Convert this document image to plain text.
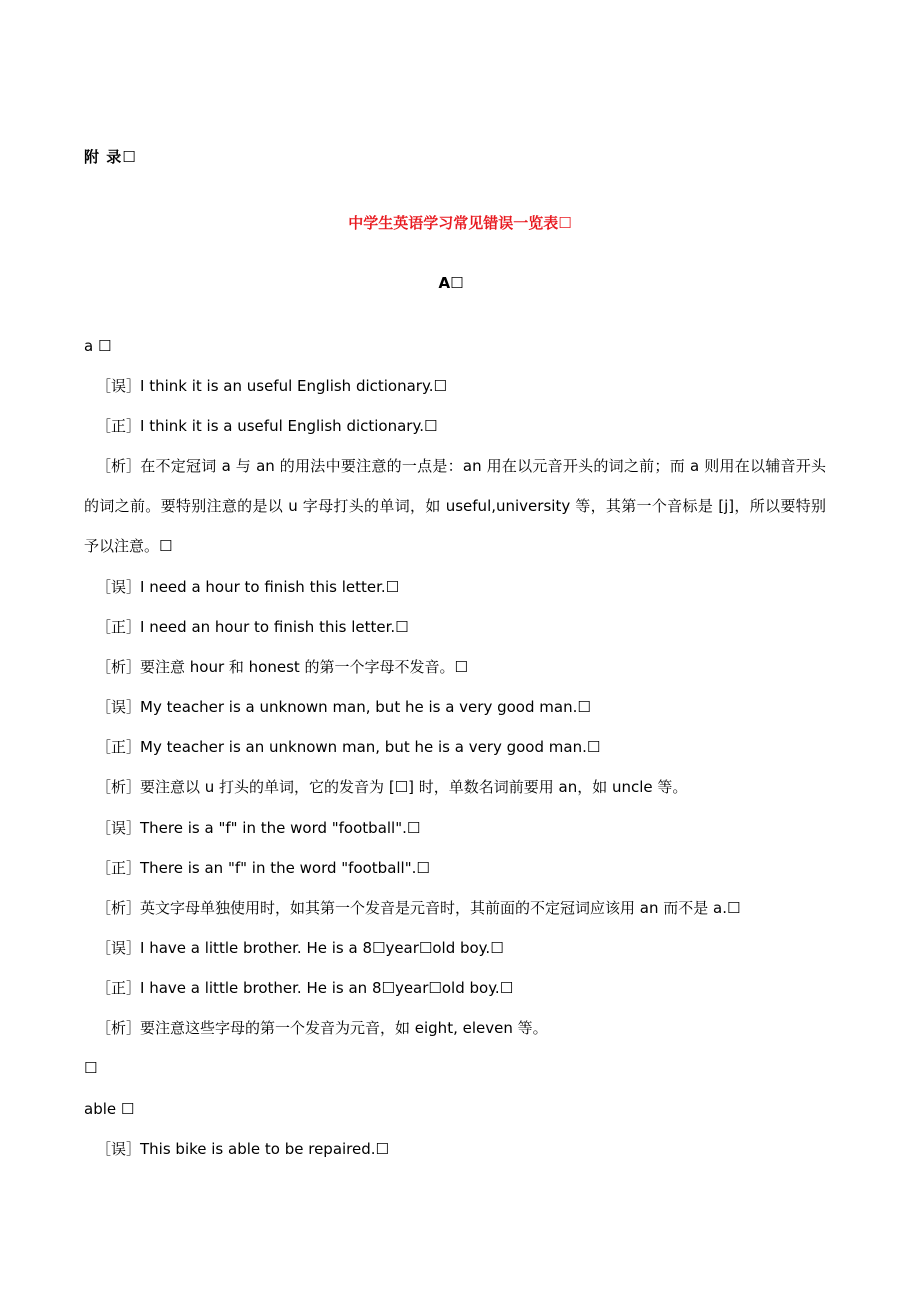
附 录☐
中学生英语学习常见错误一览表☐
A☐
a ☐
［误］I think it is an useful English dictionary.☐
［正］I think it is a useful English dictionary.☐
［析］在不定冠词 a 与 an 的用法中要注意的一点是：an 用在以元音开头的词之前；而 a 则用在以辅音开头的词之前。要特别注意的是以 u 字母打头的单词，如 useful,university 等，其第一个音标是 [j]，所以要特别予以注意。☐
［误］I need a hour to finish this letter.☐
［正］I need an hour to finish this letter.☐
［析］要注意 hour 和 honest 的第一个字母不发音。☐
［误］My teacher is a unknown man, but he is a very good man.☐
［正］My teacher is an unknown man, but he is a very good man.☐
［析］要注意以 u 打头的单词，它的发音为 [☐] 时，单数名词前要用 an，如 uncle 等。
［误］There is a "f" in the word "football".☐
［正］There is an "f" in the word "football".☐
［析］英文字母单独使用时，如其第一个发音是元音时，其前面的不定冠词应该用 an 而不是 a.☐
［误］I have a little brother. He is a 8☐year☐old boy.☐
［正］I have a little brother. He is an 8☐year☐old boy.☐
［析］要注意这些字母的第一个发音为元音，如 eight, eleven 等。
☐
able ☐
［误］This bike is able to be repaired.☐
